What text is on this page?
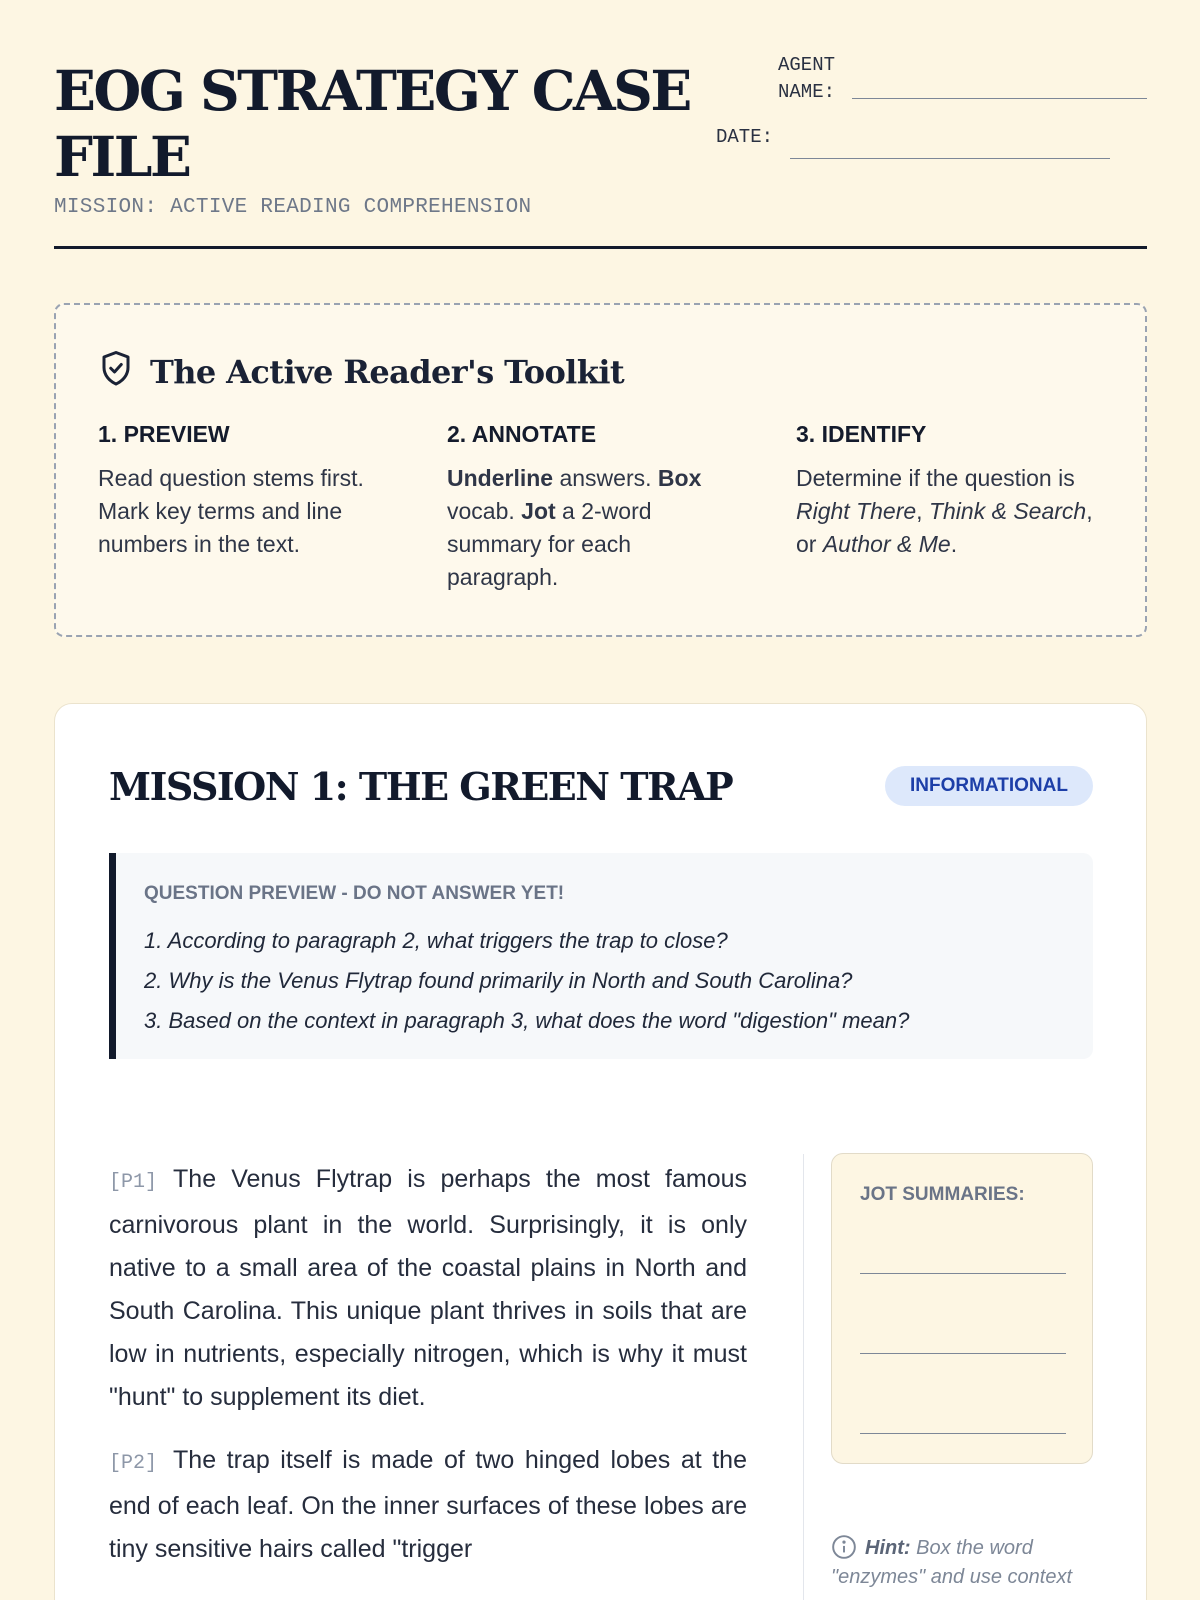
EOG STRATEGY CASE FILE
MISSION: ACTIVE READING COMPREHENSION
AGENT NAME:
DATE:
The Active Reader's Toolkit
1. PREVIEW
Read question stems first. Mark key terms and line numbers in the text.
2. ANNOTATE
Underline answers. Box vocab. Jot a 2-word summary for each paragraph.
3. IDENTIFY
Determine if the question is Right There, Think & Search, or Author & Me.
MISSION 1: THE GREEN TRAP	INFORMATIONAL
QUESTION PREVIEW - DO NOT ANSWER YET!
1. According to paragraph 2, what triggers the trap to close?
2. Why is the Venus Flytrap found primarily in North and South Carolina?
3. Based on the context in paragraph 3, what does the word "digestion" mean?

[P1] The Venus Flytrap is perhaps the most famous carnivorous plant in the world. Surprisingly, it is only native to a small area of the coastal plains in North and South Carolina. This unique plant thrives in soils that are low in nutrients, especially nitrogen, which is why it must "hunt" to supplement its diet.

[P2] The trap itself is made of two hinged lobes at the end of each leaf. On the inner surfaces of these lobes are tiny sensitive hairs called "trigger

JOT SUMMARIES:
Hint: Box the word "enzymes" and use context
